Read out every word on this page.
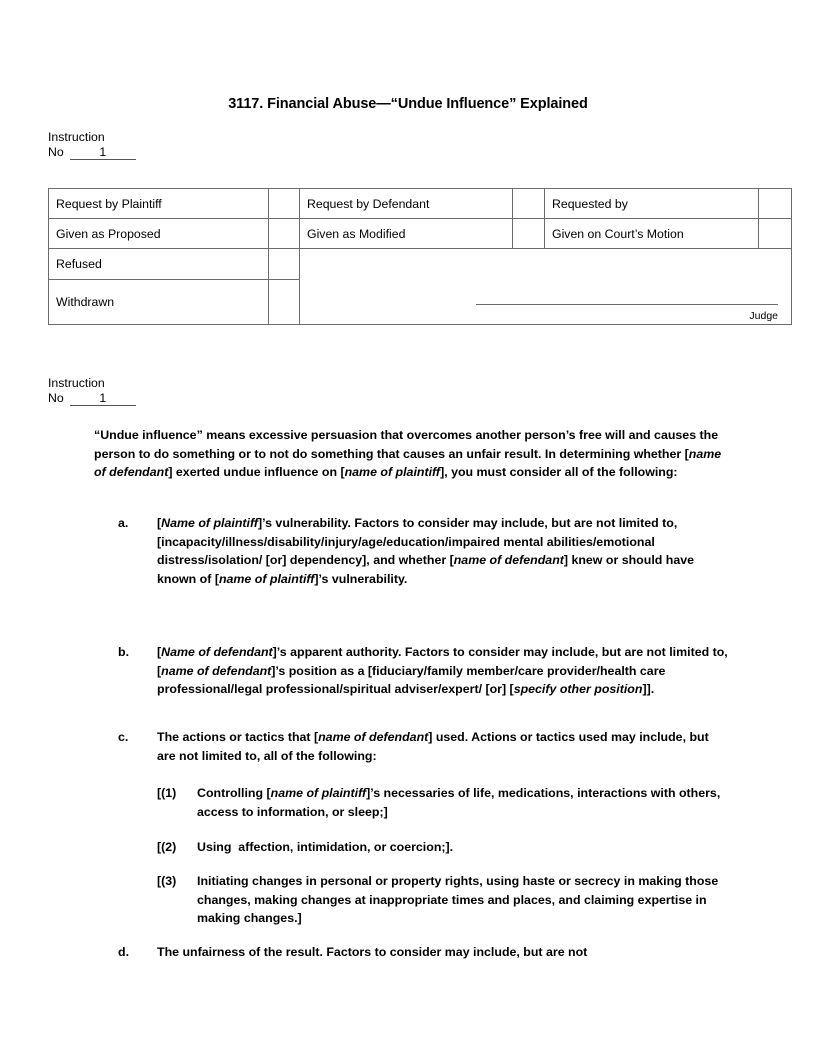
3117. Financial Abuse—“Undue Influence” Explained
Instruction
No	1
Request by Plaintiff		Request by Defendant		Requested by	
Given as Proposed		Given as Modified		Given on Court’s Motion	
Refused		Judge			

Withdrawn					
Instruction
No	1
“Undue influence” means excessive persuasion that overcomes another person’s free will and causes the person to do something or to not do something that causes an unfair result. In determining whether [name of defendant] exerted undue influence on [name of plaintiff], you must consider all of the following:
a.	[Name of plaintiff]’s vulnerability. Factors to consider may include, but are not limited to,
[incapacity/illness/disability/injury/age/education/impaired mental abilities/emotional distress/isolation/ [or] dependency], and whether [name of defendant] knew or should have known of [name of plaintiff]’s vulnerability.
b.	[Name of defendant]’s apparent authority. Factors to consider may include, but are not limited to, [name of defendant]’s position as a [fiduciary/family member/care provider/health care professional/legal professional/spiritual adviser/expert/ [or] [specify other position]].
c.	The actions or tactics that [name of defendant] used. Actions or tactics used may include, but are not limited to, all of the following:
[(1)	Controlling [name of plaintiff]’s necessaries of life, medications, interactions with others, access to information, or sleep;]
[(2)	Using  affection, intimidation, or coercion;].
[(3)	Initiating changes in personal or property rights, using haste or secrecy in making those changes, making changes at inappropriate times and places, and claiming expertise in making changes.]
d.	The unfairness of the result. Factors to consider may include, but are not
